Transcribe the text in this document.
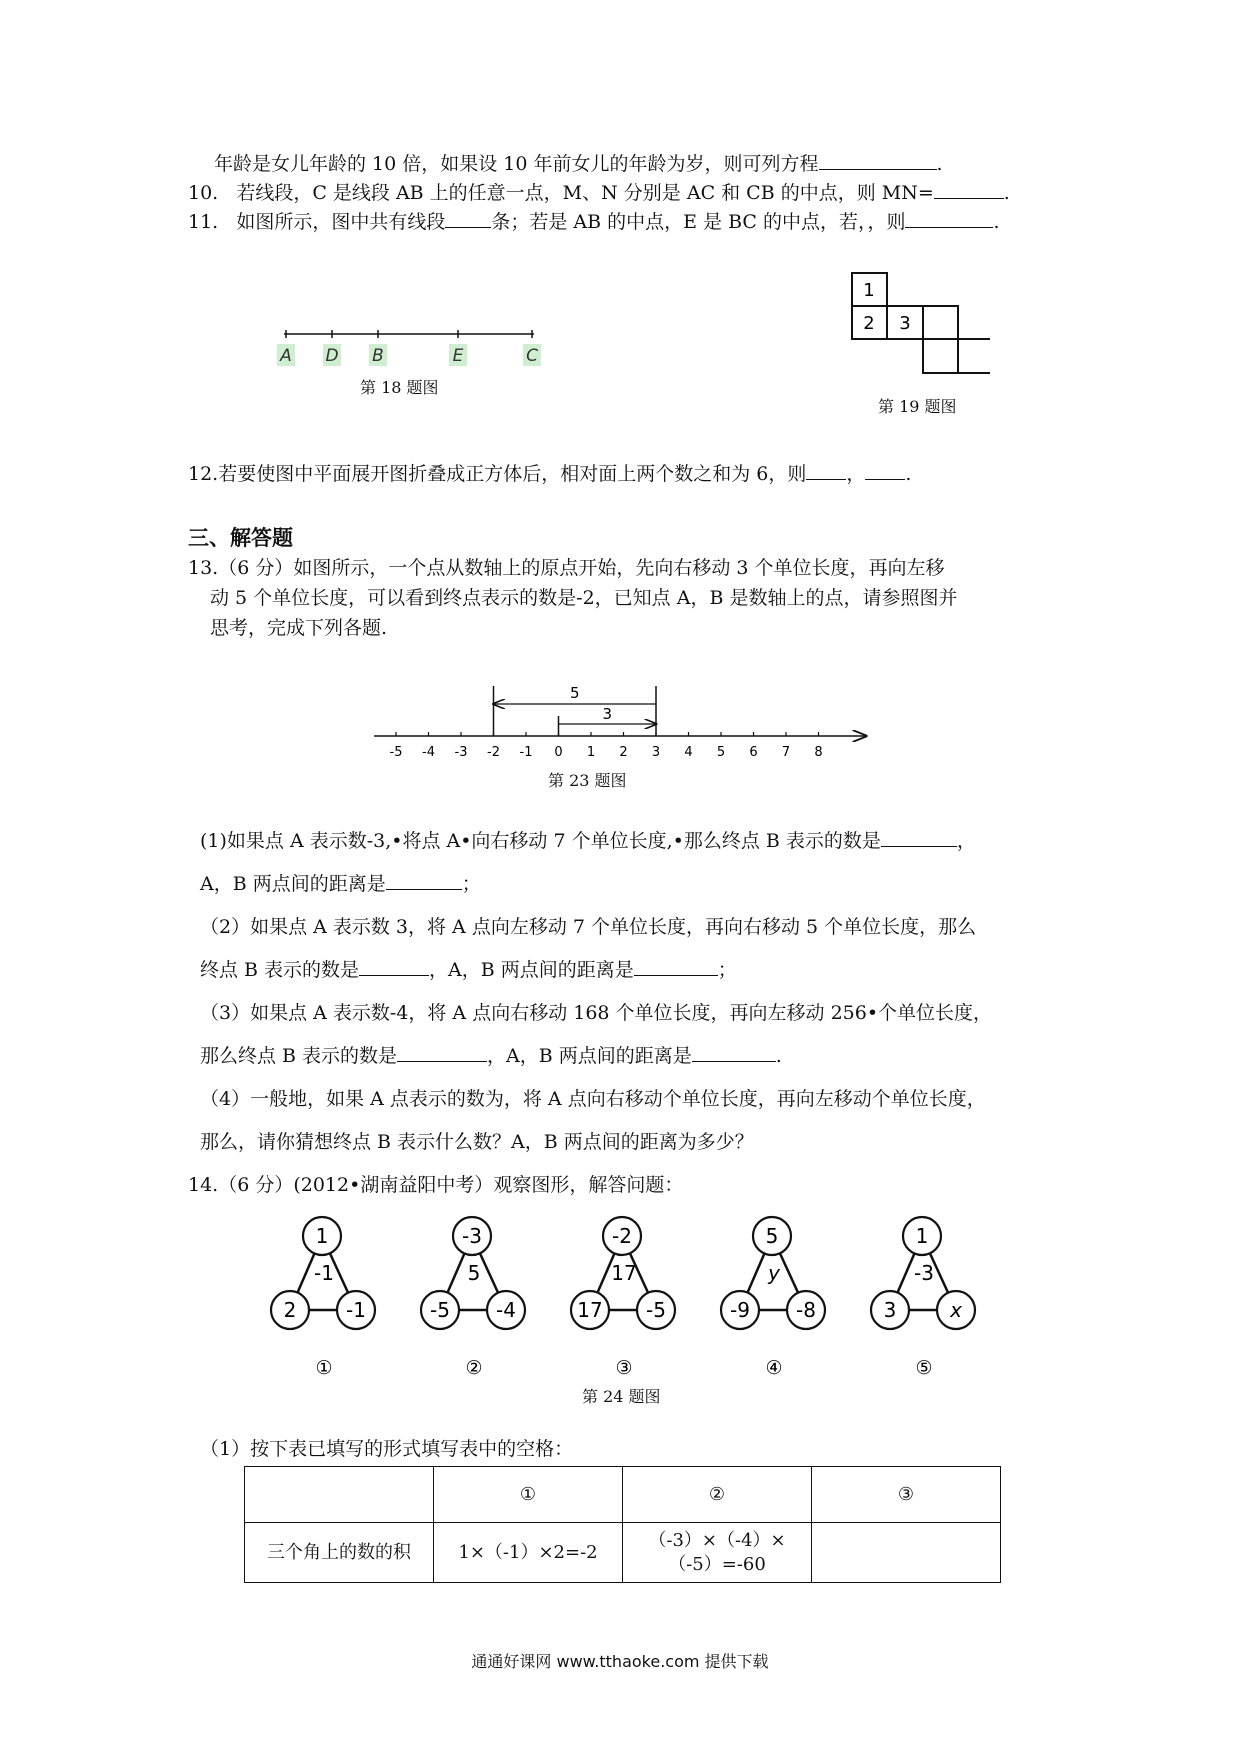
年龄是女儿年龄的 10 倍，如果设 10 年前女儿的年龄为岁，则可列方程	.
10. 若线段，C 是线段 AB 上的任意一点，M、N 分别是 AC 和 CB 的中点，则 MN=	.
11. 如图所示，图中共有线段 条；若是 AB 的中点，E 是 BC 的中点，若，，则	.
A D B	E	C
第 18 题图
1
2 3
第 19 题图
12.若要使图中平面展开图折叠成正方体后，相对面上两个数之和为 6，则 ， .
三、解答题
13.（6 分）如图所示，一个点从数轴上的原点开始，先向右移动 3 个单位长度，再向左移
动 5 个单位长度，可以看到终点表示的数是-2，已知点 A，B 是数轴上的点，请参照图并
思考，完成下列各题.
-5 -4 -3 -2 -1 0 1 2 3 4 5 6 7 8
5
3
第 23 题图
(1)如果点 A 表示数-3,•将点 A•向右移动 7 个单位长度,•那么终点 B 表示的数是	，
A，B 两点间的距离是	；
（2）如果点 A 表示数 3，将 A 点向左移动 7 个单位长度，再向右移动 5 个单位长度，那么
终点 B 表示的数是	，A，B 两点间的距离是	；
（3）如果点 A 表示数-4，将 A 点向右移动 168 个单位长度，再向左移动 256•个单位长度，
那么终点 B 表示的数是	，A，B 两点间的距离是	.
（4）一般地，如果 A 点表示的数为，将 A 点向右移动个单位长度，再向左移动个单位长度，
那么，请你猜想终点 B 表示什么数？A，B 两点间的距离为多少？
14.（6 分）(2012•湖南益阳中考）观察图形，解答问题：
1
2 -1
-1
①
-3
-5 -4
5
②
-2
17 -5
17
③
5
-9 -8
y
④
1
3	x
-3
⑤
第 24 题图
（1）按下表已填写的形式填写表中的空格：
	①	②	③
三个角上的数的积	1×（-1）×2=-2	（-3）×（-4）×（-5）=-60	
通通好课网 www.tthaoke.com 提供下载
